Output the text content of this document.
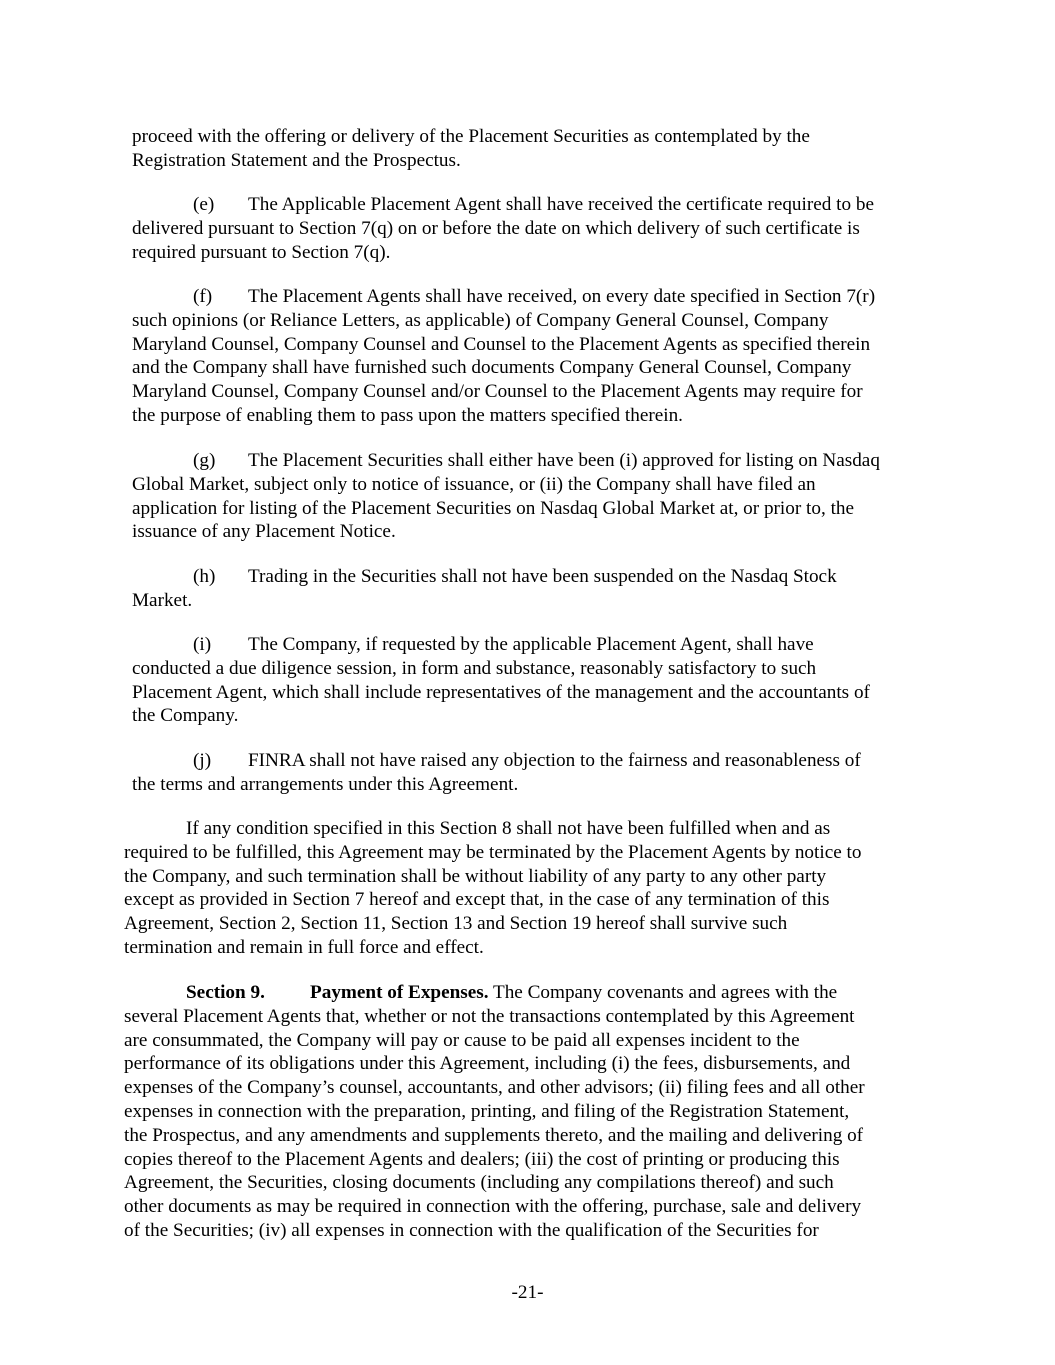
proceed with the offering or delivery of the Placement Securities as contemplated by the
Registration Statement and the Prospectus.
(e) The Applicable Placement Agent shall have received the certificate required to be
delivered pursuant to Section 7(q) on or before the date on which delivery of such certificate is
required pursuant to Section 7(q).
(f) The Placement Agents shall have received, on every date specified in Section 7(r)
such opinions (or Reliance Letters, as applicable) of Company General Counsel, Company
Maryland Counsel, Company Counsel and Counsel to the Placement Agents as specified therein
and the Company shall have furnished such documents Company General Counsel, Company
Maryland Counsel, Company Counsel and/or Counsel to the Placement Agents may require for
the purpose of enabling them to pass upon the matters specified therein.
(g) The Placement Securities shall either have been (i) approved for listing on Nasdaq
Global Market, subject only to notice of issuance, or (ii) the Company shall have filed an
application for listing of the Placement Securities on Nasdaq Global Market at, or prior to, the
issuance of any Placement Notice.
(h) Trading in the Securities shall not have been suspended on the Nasdaq Stock
Market.
(i) The Company, if requested by the applicable Placement Agent, shall have
conducted a due diligence session, in form and substance, reasonably satisfactory to such
Placement Agent, which shall include representatives of the management and the accountants of
the Company.
(j) FINRA shall not have raised any objection to the fairness and reasonableness of
the terms and arrangements under this Agreement.
If any condition specified in this Section 8 shall not have been fulfilled when and as
required to be fulfilled, this Agreement may be terminated by the Placement Agents by notice to
the Company, and such termination shall be without liability of any party to any other party
except as provided in Section 7 hereof and except that, in the case of any termination of this
Agreement, Section 2, Section 11, Section 13 and Section 19 hereof shall survive such
termination and remain in full force and effect.
Section 9. Payment of Expenses. The Company covenants and agrees with the
several Placement Agents that, whether or not the transactions contemplated by this Agreement
are consummated, the Company will pay or cause to be paid all expenses incident to the
performance of its obligations under this Agreement, including (i) the fees, disbursements, and
expenses of the Company’s counsel, accountants, and other advisors; (ii) filing fees and all other
expenses in connection with the preparation, printing, and filing of the Registration Statement,
the Prospectus, and any amendments and supplements thereto, and the mailing and delivering of
copies thereof to the Placement Agents and dealers; (iii) the cost of printing or producing this
Agreement, the Securities, closing documents (including any compilations thereof) and such
other documents as may be required in connection with the offering, purchase, sale and delivery
of the Securities; (iv) all expenses in connection with the qualification of the Securities for
-21-
